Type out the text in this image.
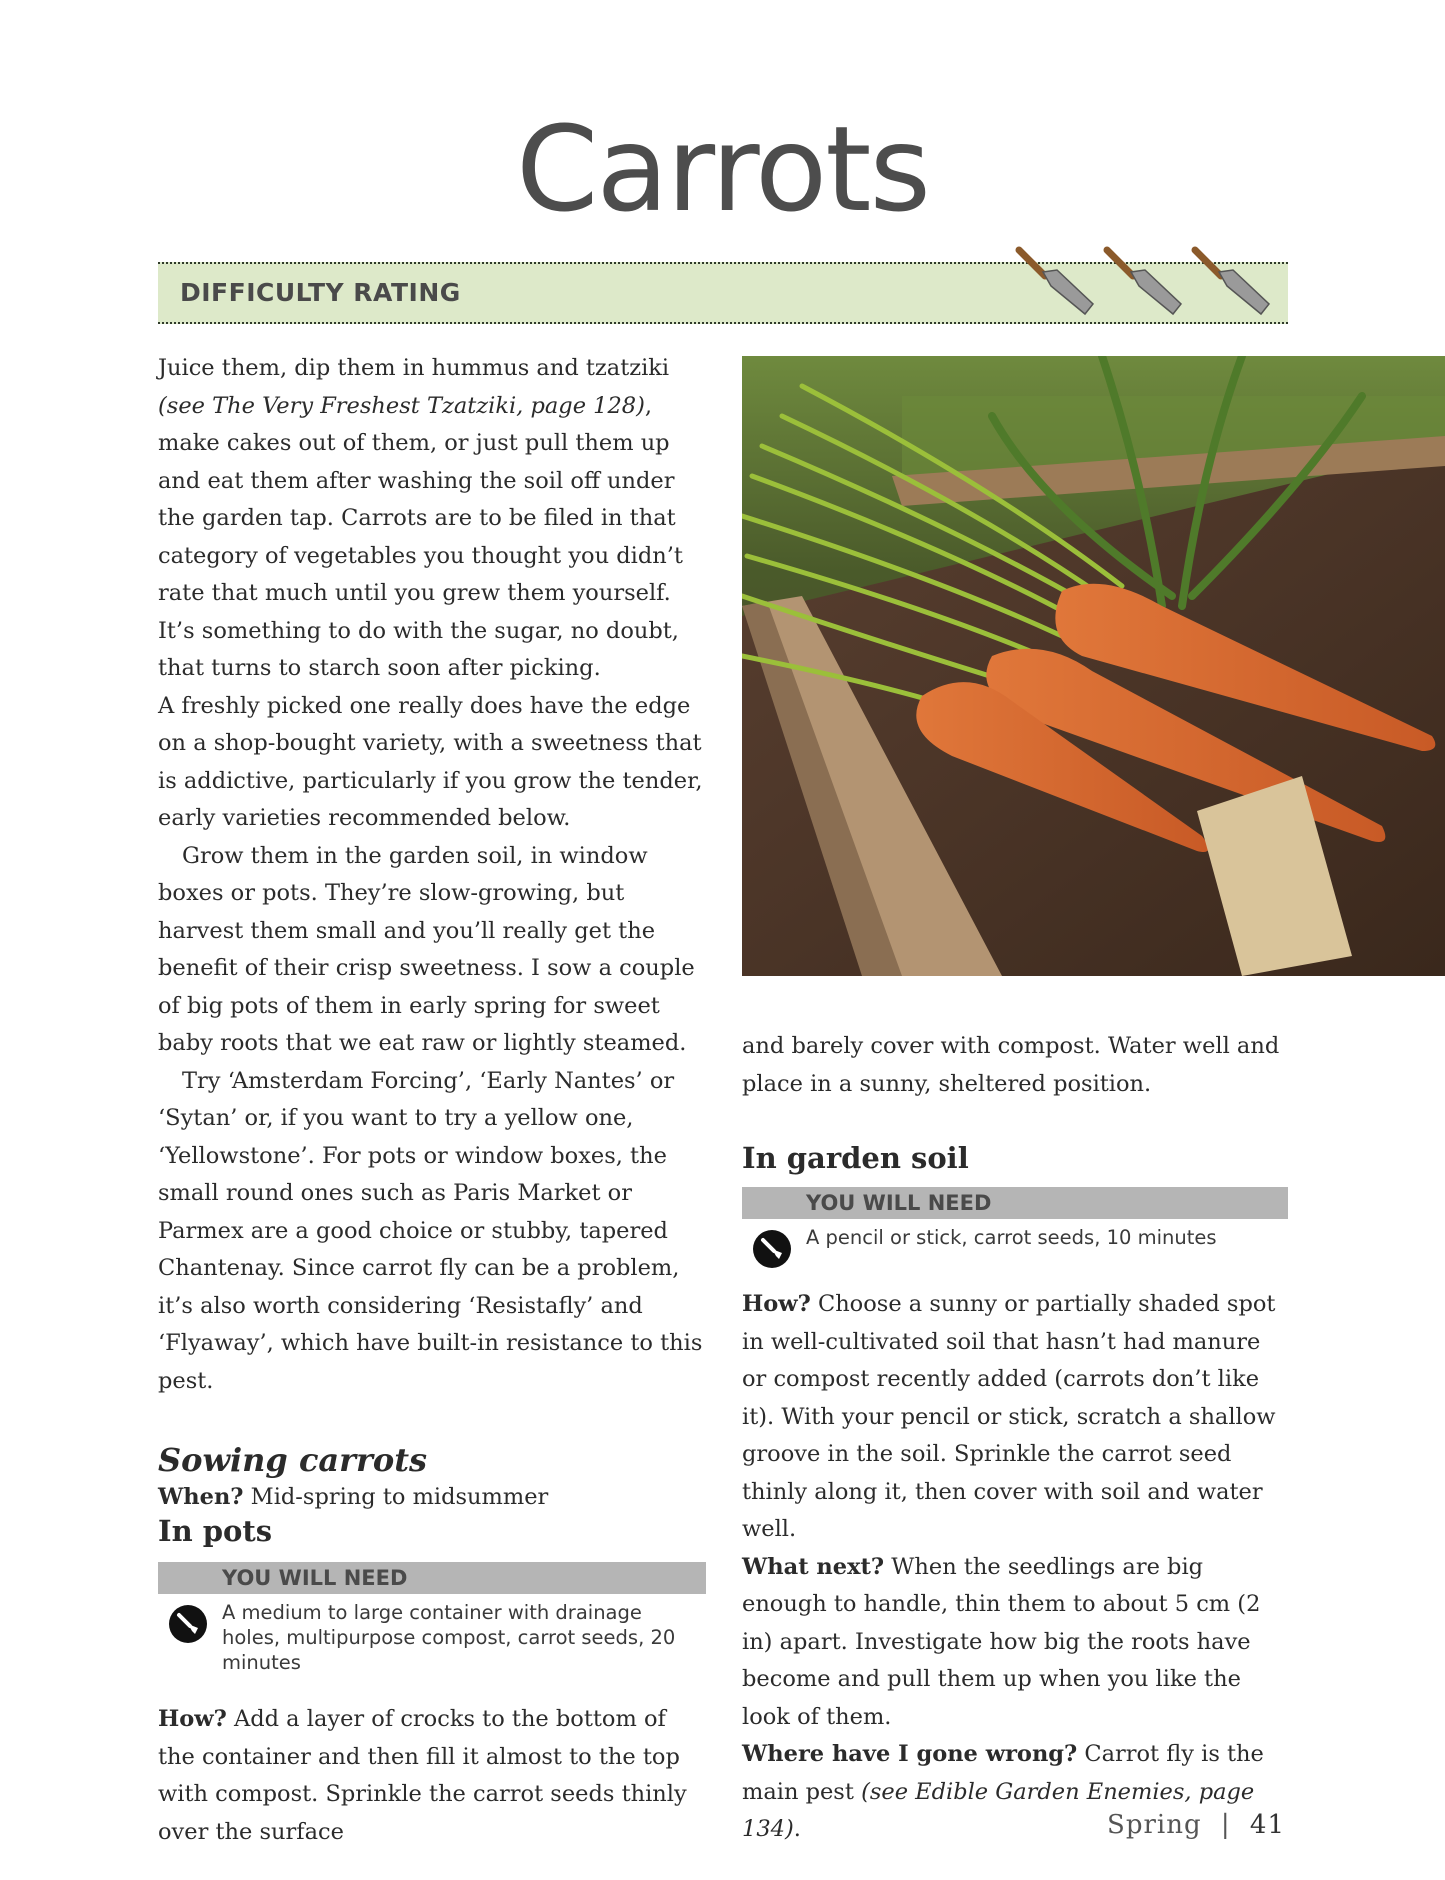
Carrots
DIFFICULTY RATING

Juice them, dip them in hummus and tzatziki (see The Very Freshest Tzatziki, page 128), make cakes out of them, or just pull them up and eat them after washing the soil off under the garden tap. Carrots are to be filed in that category of vegetables you thought you didn’t rate that much until you grew them yourself. It’s something to do with the sugar, no doubt, that turns to starch soon after picking.

A freshly picked one really does have the edge on a shop-bought variety, with a sweetness that is addictive, particularly if you grow the tender, early varieties recommended below.

Grow them in the garden soil, in window boxes or pots. They’re slow-growing, but harvest them small and you’ll really get the benefit of their crisp sweetness. I sow a couple of big pots of them in early spring for sweet baby roots that we eat raw or lightly steamed.

Try ‘Amsterdam Forcing’, ‘Early Nantes’ or ‘Sytan’ or, if you want to try a yellow one, ‘Yellowstone’. For pots or window boxes, the small round ones such as Paris Market or Parmex are a good choice or stubby, tapered Chantenay. Since carrot fly can be a problem, it’s also worth considering ‘Resistafly’ and ‘Flyaway’, which have built-in resistance to this pest.

Sowing carrots

When? Mid-spring to midsummer

In pots
YOU WILL NEED
A medium to large container with drainage holes, multipurpose compost, carrot seeds, 20 minutes

How? Add a layer of crocks to the bottom of the container and then fill it almost to the top with compost. Sprinkle the carrot seeds thinly over the surface

and barely cover with compost. Water well and place in a sunny, sheltered position.

In garden soil
YOU WILL NEED
A pencil or stick, carrot seeds, 10 minutes

How? Choose a sunny or partially shaded spot in well-cultivated soil that hasn’t had manure or compost recently added (carrots don’t like it). With your pencil or stick, scratch a shallow groove in the soil. Sprinkle the carrot seed thinly along it, then cover with soil and water well.

What next? When the seedlings are big enough to handle, thin them to about 5 cm (2 in) apart. Investigate how big the roots have become and pull them up when you like the look of them.

Where have I gone wrong? Carrot fly is the main pest (see Edible Garden Enemies, page 134).	Spring | 41
